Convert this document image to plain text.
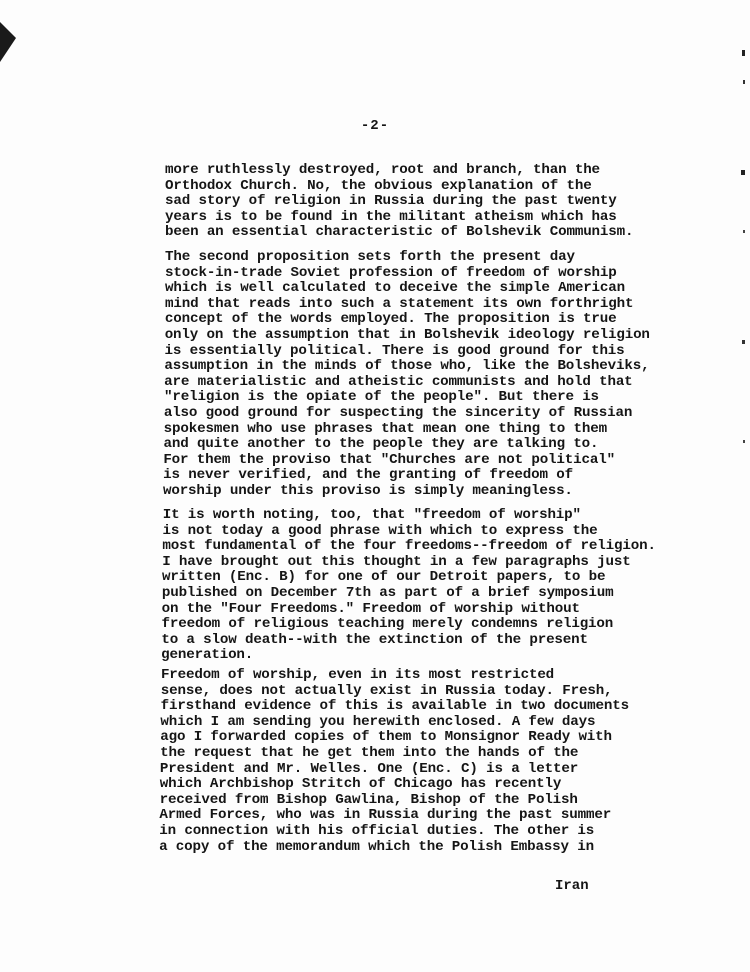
-2-
more ruthlessly destroyed, root and branch, than the
Orthodox Church. No, the obvious explanation of the
sad story of religion in Russia during the past twenty
years is to be found in the militant atheism which has
been an essential characteristic of Bolshevik Communism.
The second proposition sets forth the present day
stock-in-trade Soviet profession of freedom of worship
which is well calculated to deceive the simple American
mind that reads into such a statement its own forthright
concept of the words employed. The proposition is true
only on the assumption that in Bolshevik ideology religion
is essentially political. There is good ground for this
assumption in the minds of those who, like the Bolsheviks,
are materialistic and atheistic communists and hold that
"religion is the opiate of the people". But there is
also good ground for suspecting the sincerity of Russian
spokesmen who use phrases that mean one thing to them
and quite another to the people they are talking to.
For them the proviso that "Churches are not political"
is never verified, and the granting of freedom of
worship under this proviso is simply meaningless.
It is worth noting, too, that "freedom of worship"
is not today a good phrase with which to express the
most fundamental of the four freedoms--freedom of religion.
I have brought out this thought in a few paragraphs just
written (Enc. B) for one of our Detroit papers, to be
published on December 7th as part of a brief symposium
on the "Four Freedoms." Freedom of worship without
freedom of religious teaching merely condemns religion
to a slow death--with the extinction of the present
generation.
Freedom of worship, even in its most restricted
sense, does not actually exist in Russia today. Fresh,
firsthand evidence of this is available in two documents
which I am sending you herewith enclosed. A few days
ago I forwarded copies of them to Monsignor Ready with
the request that he get them into the hands of the
President and Mr. Welles. One (Enc. C) is a letter
which Archbishop Stritch of Chicago has recently
received from Bishop Gawlina, Bishop of the Polish
Armed Forces, who was in Russia during the past summer
in connection with his official duties. The other is
a copy of the memorandum which the Polish Embassy in
Iran
